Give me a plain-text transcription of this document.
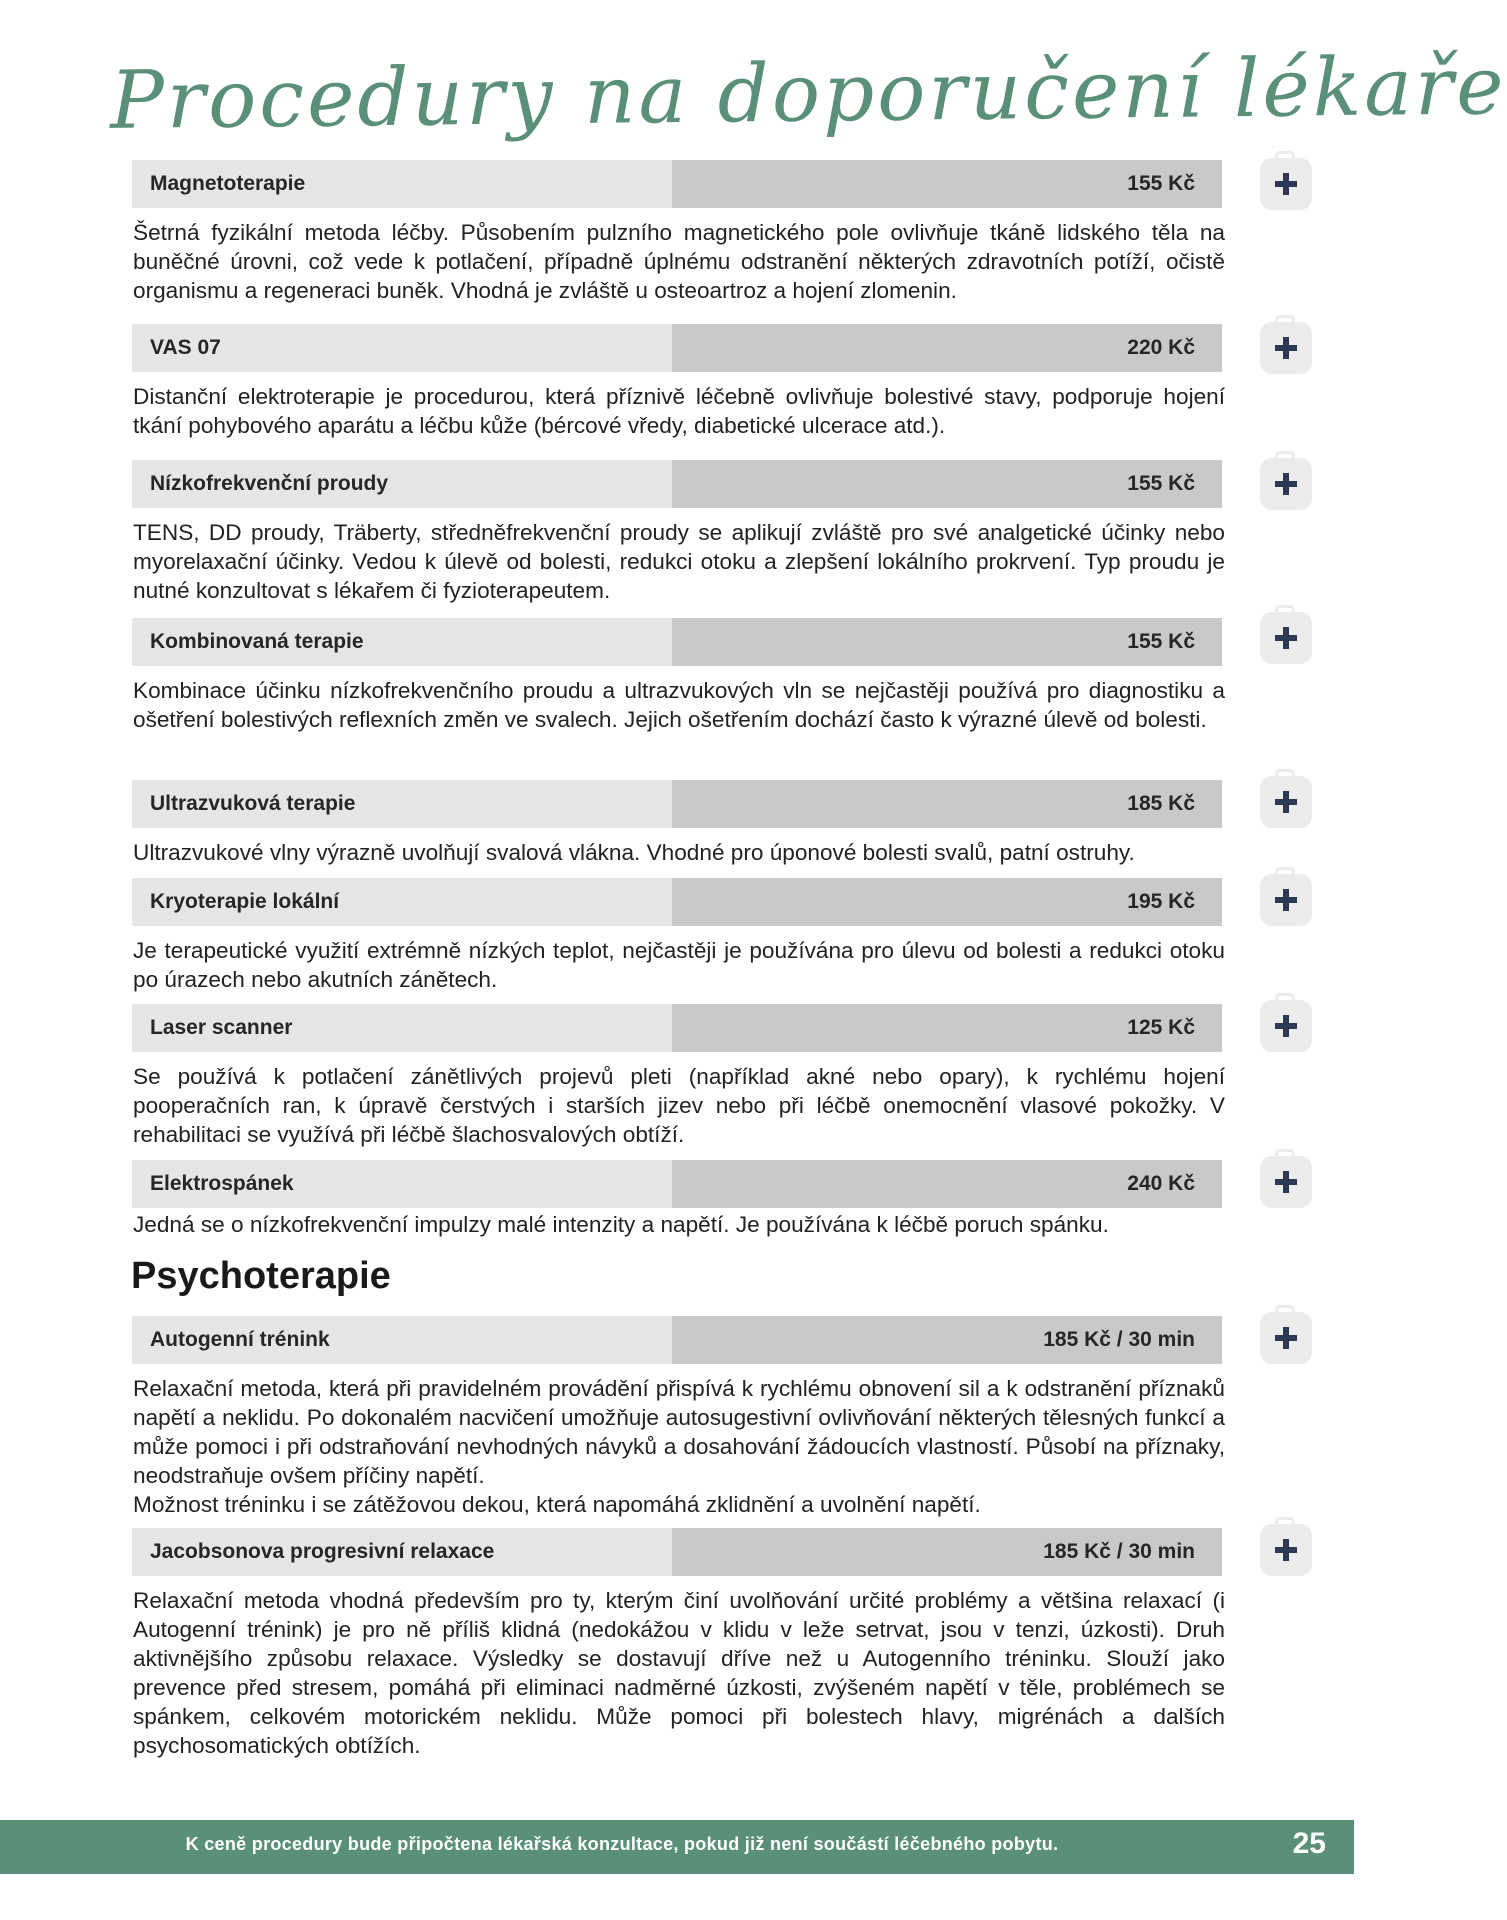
Procedury na doporučení lékaře
Magnetoterapie	155 Kč
Šetrná fyzikální metoda léčby. Působením pulzního magnetického pole ovlivňuje tkáně lidského těla na buněčné úrovni, což vede k potlačení, případně úplnému odstranění některých zdravotních potíží, očistě organismu a regeneraci buněk. Vhodná je zvláště u osteoartroz a hojení zlomenin.
VAS 07	220 Kč
Distanční elektroterapie je procedurou, která příznivě léčebně ovlivňuje bolestivé stavy, podporuje hojení tkání pohybového aparátu a léčbu kůže (bércové vředy, diabetické ulcerace atd.).
Nízkofrekvenční proudy	155 Kč
TENS, DD proudy, Träberty, středněfrekvenční proudy se aplikují zvláště pro své analgetické účinky nebo myorelaxační účinky. Vedou k úlevě od bolesti, redukci otoku a zlepšení lokálního prokrvení. Typ proudu je nutné konzultovat s lékařem či fyzioterapeutem.
Kombinovaná terapie	155 Kč
Kombinace účinku nízkofrekvenčního proudu a ultrazvukových vln se nejčastěji používá pro diagnostiku a ošetření bolestivých reflexních změn ve svalech. Jejich ošetřením dochází často k výrazné úlevě od bolesti.
Ultrazvuková terapie	185 Kč
Ultrazvukové vlny výrazně uvolňují svalová vlákna. Vhodné pro úponové bolesti svalů, patní ostruhy.
Kryoterapie lokální	195 Kč
Je terapeutické využití extrémně nízkých teplot, nejčastěji je používána pro úlevu od bolesti a redukci otoku po úrazech nebo akutních zánětech.
Laser scanner	125 Kč
Se používá k potlačení zánětlivých projevů pleti (například akné nebo opary), k rychlému hojení pooperačních ran, k úpravě čerstvých i starších jizev nebo při léčbě onemocnění vlasové pokožky. V rehabilitaci se využívá při léčbě šlachosvalových obtíží.
Elektrospánek	240 Kč
Jedná se o nízkofrekvenční impulzy malé intenzity a napětí. Je používána k léčbě poruch spánku.
Psychoterapie
Autogenní trénink	185 Kč / 30 min
Relaxační metoda, která při pravidelném provádění přispívá k rychlému obnovení sil a k odstranění příznaků napětí a neklidu. Po dokonalém nacvičení umožňuje autosugestivní ovlivňování některých tělesných funkcí a může pomoci i při odstraňování nevhodných návyků a dosahování žádoucích vlastností. Působí na příznaky, neodstraňuje ovšem příčiny napětí.
Možnost tréninku i se zátěžovou dekou, která napomáhá zklidnění a uvolnění napětí.
Jacobsonova progresivní relaxace	185 Kč / 30 min
Relaxační metoda vhodná především pro ty, kterým činí uvolňování určité problémy a většina relaxací (i Autogenní trénink) je pro ně příliš klidná (nedokážou v klidu v leže setrvat, jsou v tenzi, úzkosti). Druh aktivnějšího způsobu relaxace. Výsledky se dostavují dříve než u Autogenního tréninku. Slouží jako prevence před stresem, pomáhá při eliminaci nadměrné úzkosti, zvýšeném napětí v těle, problémech se spánkem, celkovém motorickém neklidu. Může pomoci při bolestech hlavy, migrénách a dalších psychosomatických obtížích.
K ceně procedury bude připočtena lékařská konzultace, pokud již není součástí léčebného pobytu.	25
